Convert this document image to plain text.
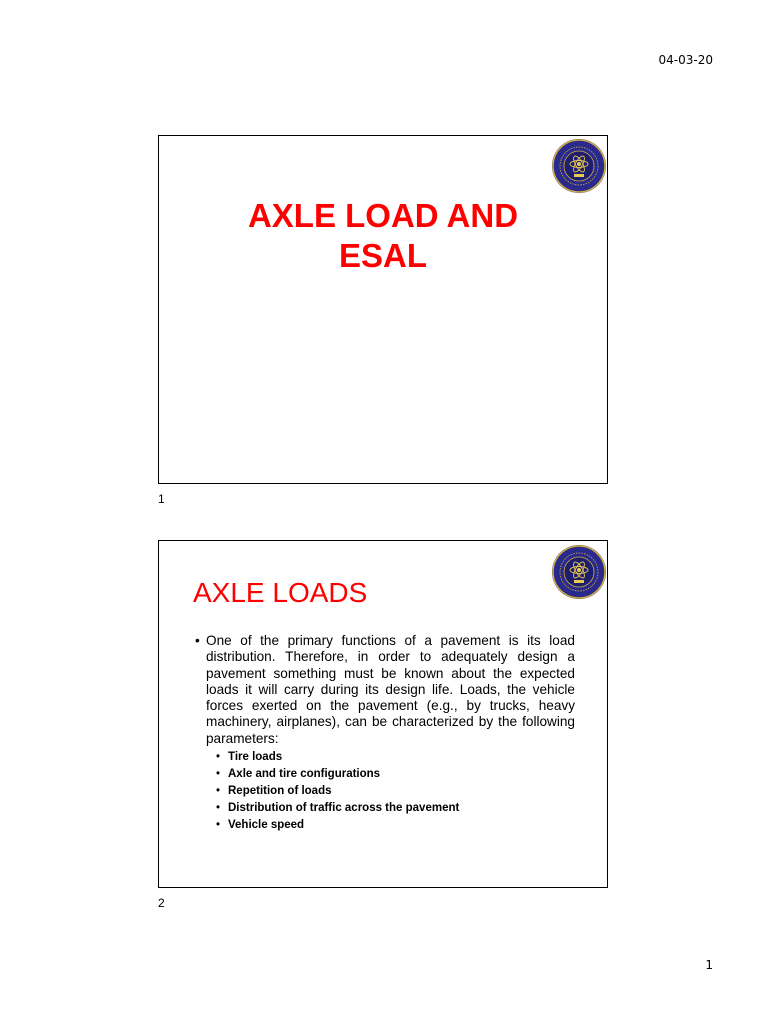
04-03-20
AXLE LOAD AND
ESAL
1
AXLE LOADS
• One of the primary functions of a pavement is its load distribution. Therefore, in order to adequately design a pavement something must be known about the expected loads it will carry during its design life. Loads, the vehicle forces exerted on the pavement (e.g., by trucks, heavy machinery, airplanes), can be characterized by the following parameters:
• Tire loads
• Axle and tire configurations
• Repetition of loads
• Distribution of traffic across the pavement
• Vehicle speed
2
1
